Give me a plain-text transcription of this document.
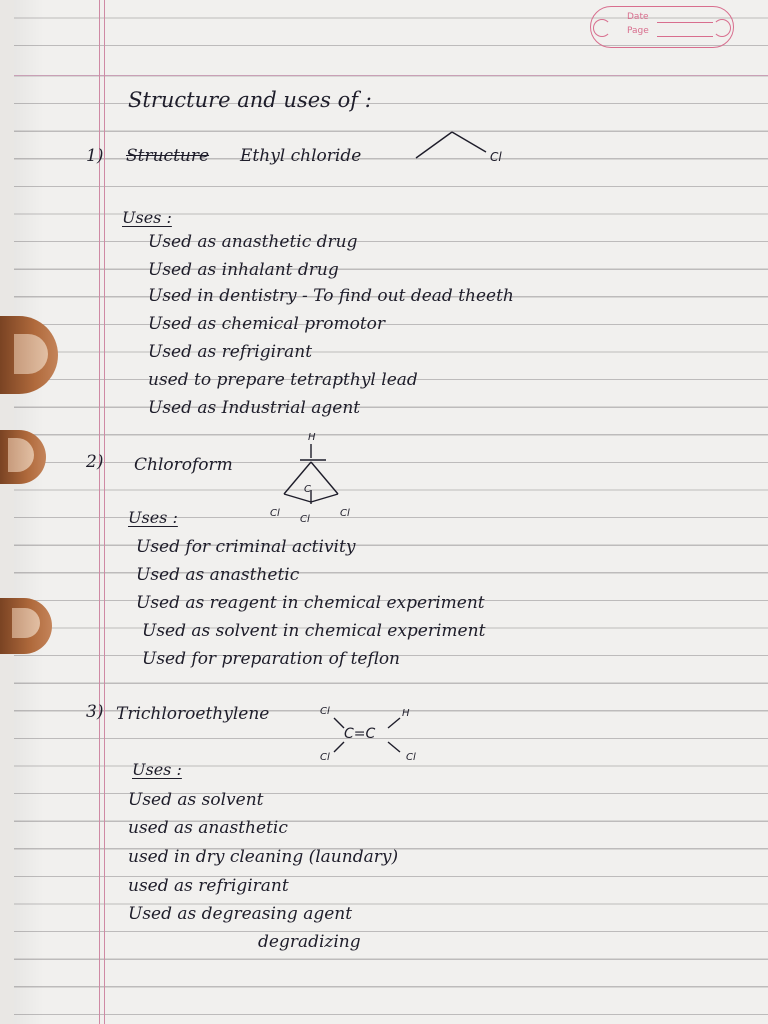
Date
Page
Structure and uses of :
1) Structure Ethyl chloride	Cl
Uses :
Used as anasthetic drug
Used as inhalant drug
Used in dentistry - To find out dead theeth
Used as chemical promotor
Used as refrigirant
used to prepare tetrapthyl lead
Used as Industrial agent
2) Chloroform
H
C
Cl
Cl
Cl
Uses :
Used for criminal activity
Used as anasthetic
Used as reagent in chemical experiment
Used as solvent in chemical experiment
Used for preparation of teflon
3) Trichloroethylene	Cl	H
C=C
Cl	Cl
Uses :
Used as solvent
used as anasthetic
used in dry cleaning (laundary)
used as refrigirant
Used as degreasing agent
degradizing
